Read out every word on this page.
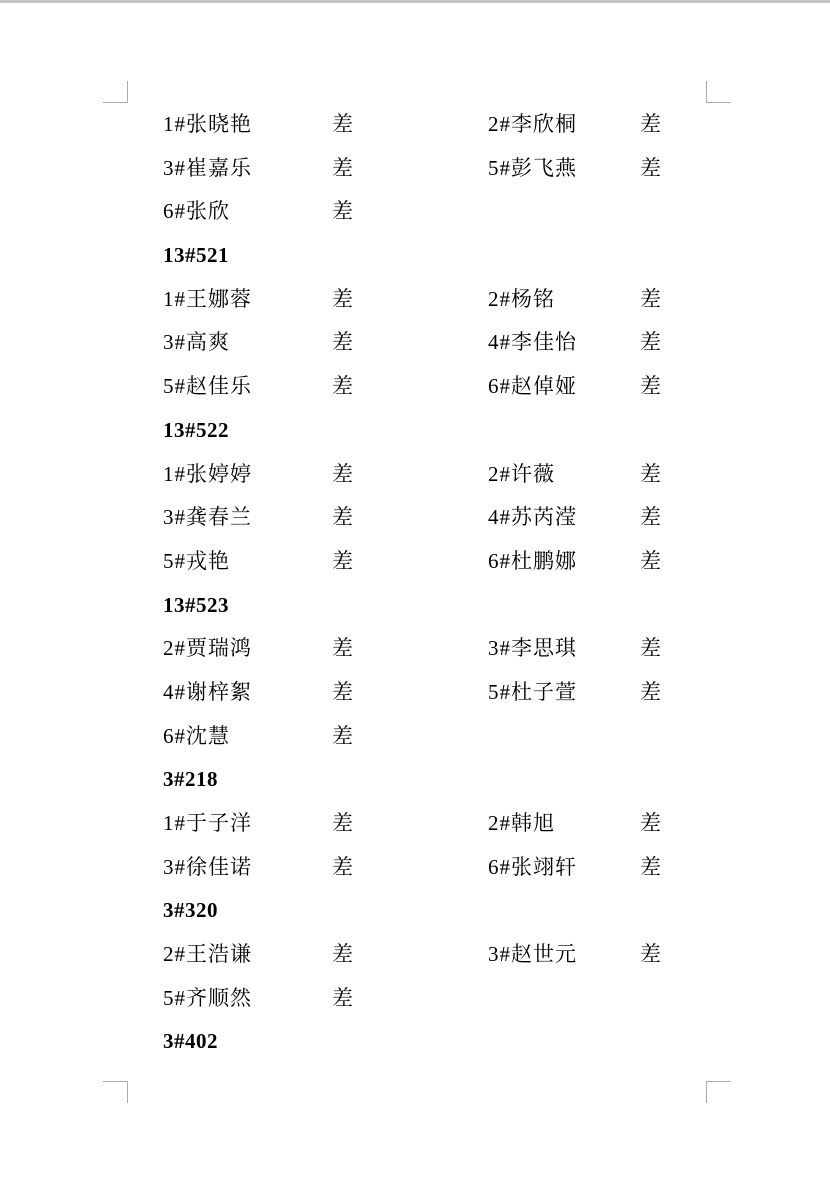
1#张晓艳	差	2#李欣桐	差
3#崔嘉乐	差	5#彭飞燕	差
6#张欣	差
13#521
1#王娜蓉	差	2#杨铭	差
3#高爽	差	4#李佳怡	差
5#赵佳乐	差	6#赵倬娅	差
13#522
1#张婷婷	差	2#许薇	差
3#龚春兰	差	4#苏芮滢	差
5#戎艳	差	6#杜鹏娜	差
13#523
2#贾瑞鸿	差	3#李思琪	差
4#谢梓絮	差	5#杜子萱	差
6#沈慧	差
3#218
1#于子洋	差	2#韩旭	差
3#徐佳诺	差	6#张翊轩	差
3#320
2#王浩谦	差	3#赵世元	差
5#齐顺然	差
3#402
